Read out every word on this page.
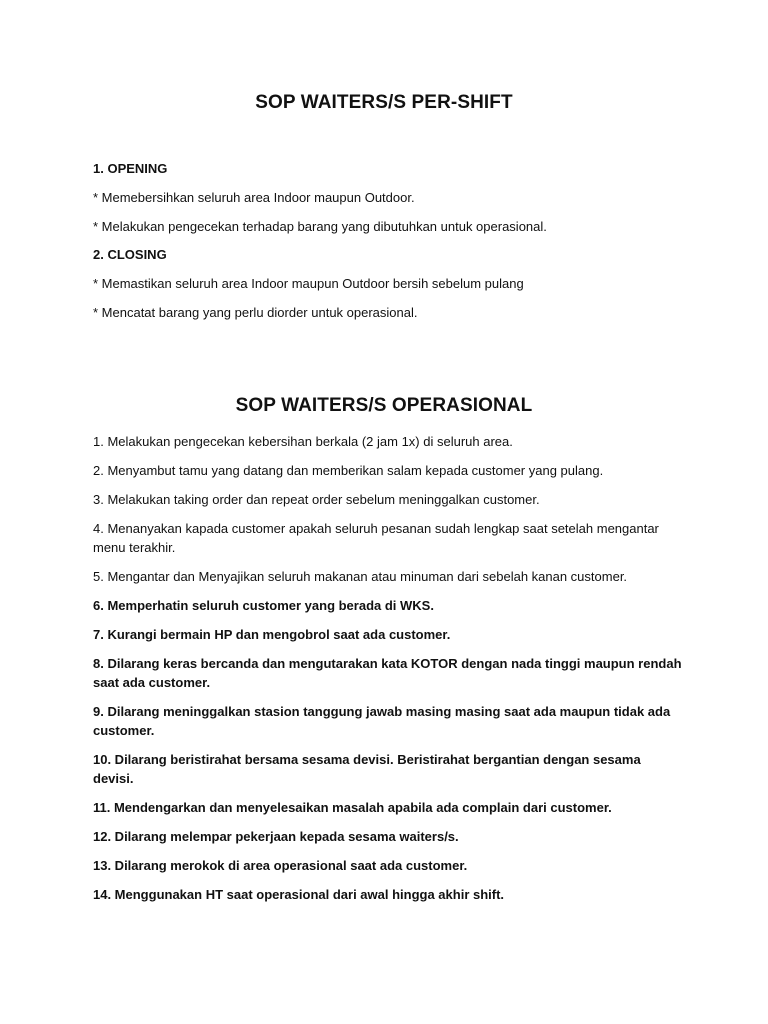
SOP WAITERS/S PER-SHIFT

1. OPENING

* Memebersihkan seluruh area Indoor maupun Outdoor.

* Melakukan pengecekan terhadap barang yang dibutuhkan untuk operasional.

2. CLOSING

* Memastikan seluruh area Indoor maupun Outdoor bersih sebelum pulang

* Mencatat barang yang perlu diorder untuk operasional.

SOP WAITERS/S OPERASIONAL

1. Melakukan pengecekan kebersihan berkala (2 jam 1x) di seluruh area.

2. Menyambut tamu yang datang dan memberikan salam kepada customer yang pulang.

3. Melakukan taking order dan repeat order sebelum meninggalkan customer.

4. Menanyakan kapada customer apakah seluruh pesanan sudah lengkap saat setelah mengantar menu terakhir.

5. Mengantar dan Menyajikan seluruh makanan atau minuman dari sebelah kanan customer.

6. Memperhatin seluruh customer yang berada di WKS.

7. Kurangi bermain HP dan mengobrol saat ada customer.

8. Dilarang keras bercanda dan mengutarakan kata KOTOR dengan nada tinggi maupun rendah saat ada customer.

9. Dilarang meninggalkan stasion tanggung jawab masing masing saat ada maupun tidak ada customer.

10. Dilarang beristirahat bersama sesama devisi. Beristirahat bergantian dengan sesama devisi.

11. Mendengarkan dan menyelesaikan masalah apabila ada complain dari customer.

12. Dilarang melempar pekerjaan kepada sesama waiters/s.

13. Dilarang merokok di area operasional saat ada customer.

14. Menggunakan HT saat operasional dari awal hingga akhir shift.
